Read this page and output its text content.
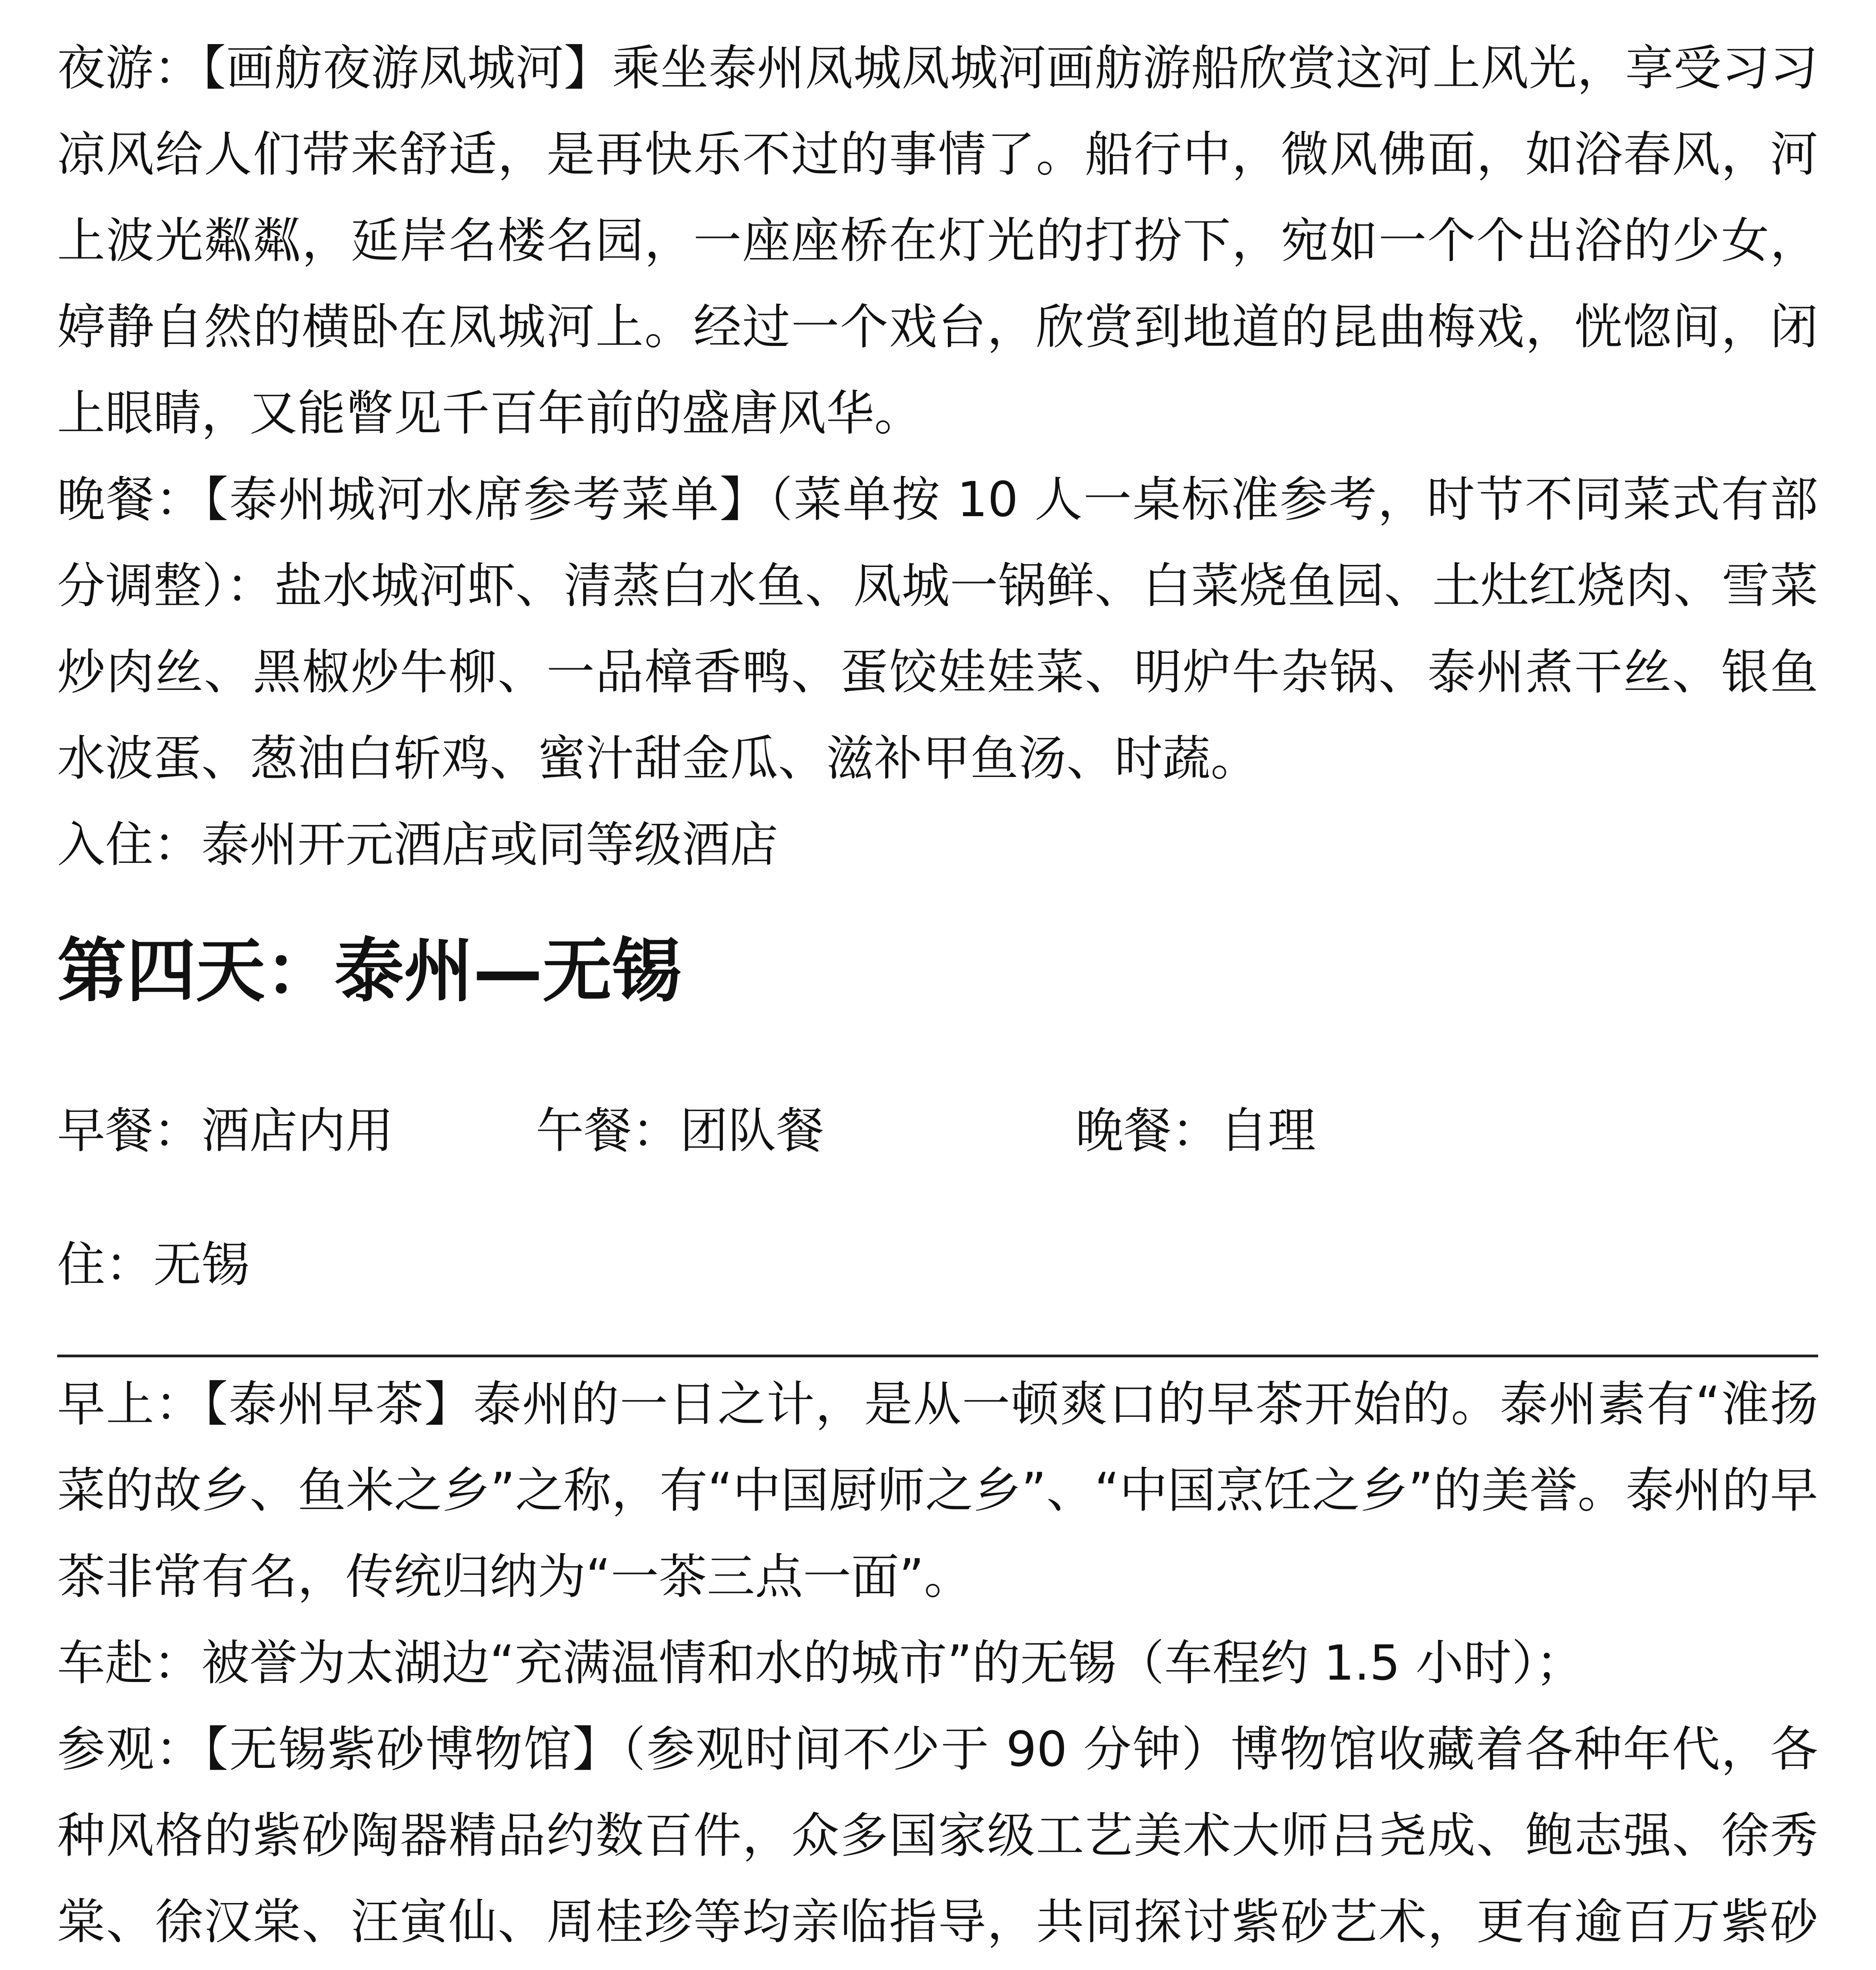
夜游：【画舫夜游凤城河】乘坐泰州凤城凤城河画舫游船欣赏这河上风光，享受习习凉风给人们带来舒适，是再快乐不过的事情了。船行中，微风佛面，如浴春风，河上波光粼粼，延岸名楼名园，一座座桥在灯光的打扮下，宛如一个个出浴的少女，婷静自然的横卧在凤城河上。经过一个戏台，欣赏到地道的昆曲梅戏，恍惚间，闭上眼睛，又能瞥见千百年前的盛唐风华。

晚餐：【泰州城河水席参考菜单】（菜单按 10 人一桌标准参考，时节不同菜式有部分调整）：盐水城河虾、清蒸白水鱼、凤城一锅鲜、白菜烧鱼园、土灶红烧肉、雪菜炒肉丝、黑椒炒牛柳、一品樟香鸭、蛋饺娃娃菜、明炉牛杂锅、泰州煮干丝、银鱼水波蛋、葱油白斩鸡、蜜汁甜金瓜、滋补甲鱼汤、时蔬。

入住：泰州开元酒店或同等级酒店

第四天：泰州—无锡

早餐：酒店内用	午餐：团队餐	晚餐：自理

住：无锡

早上：【泰州早茶】泰州的一日之计，是从一顿爽口的早茶开始的。泰州素有“淮扬菜的故乡、鱼米之乡”之称，有“中国厨师之乡”、“中国烹饪之乡”的美誉。泰州的早茶非常有名，传统归纳为“一茶三点一面”。

车赴：被誉为太湖边“充满温情和水的城市”的无锡（车程约 1.5 小时）；

参观：【无锡紫砂博物馆】（参观时间不少于 90 分钟）博物馆收藏着各种年代，各种风格的紫砂陶器精品约数百件，众多国家级工艺美术大师吕尧成、鲍志强、徐秀棠、徐汉棠、汪寅仙、周桂珍等均亲临指导，共同探讨紫砂艺术，更有逾百万紫砂
